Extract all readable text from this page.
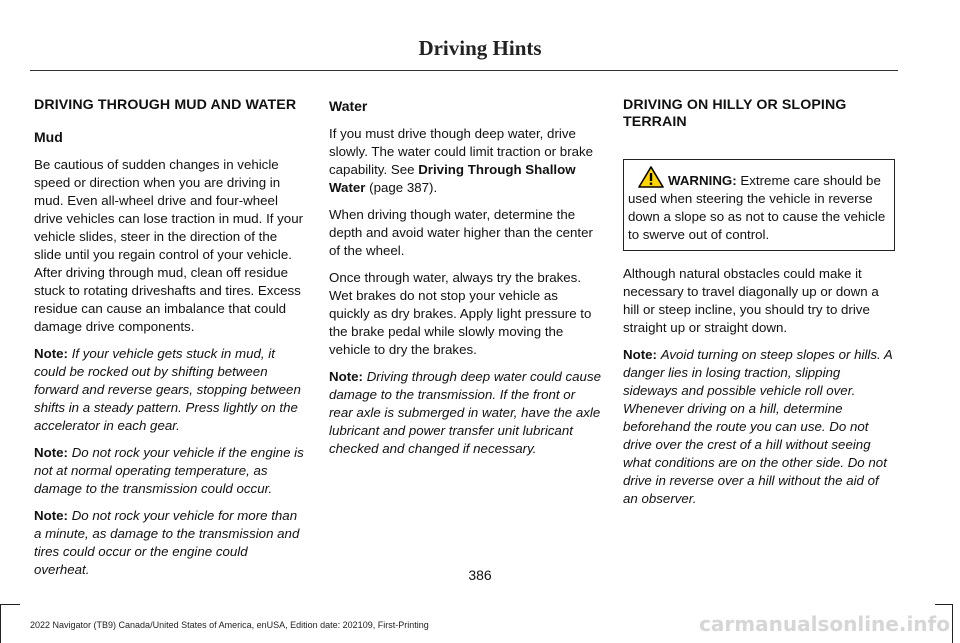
Driving Hints
DRIVING THROUGH MUD AND WATER
Mud

Be cautious of sudden changes in vehicle speed or direction when you are driving in mud. Even all-wheel drive and four-wheel drive vehicles can lose traction in mud. If your vehicle slides, steer in the direction of the slide until you regain control of your vehicle. After driving through mud, clean off residue stuck to rotating driveshafts and tires. Excess residue can cause an imbalance that could damage drive components.

Note: If your vehicle gets stuck in mud, it could be rocked out by shifting between forward and reverse gears, stopping between shifts in a steady pattern. Press lightly on the accelerator in each gear.

Note: Do not rock your vehicle if the engine is not at normal operating temperature, as damage to the transmission could occur.

Note: Do not rock your vehicle for more than a minute, as damage to the transmission and tires could occur or the engine could overheat.

Water

If you must drive though deep water, drive slowly. The water could limit traction or brake capability. See Driving Through Shallow Water (page 387).

When driving though water, determine the depth and avoid water higher than the center of the wheel.

Once through water, always try the brakes. Wet brakes do not stop your vehicle as quickly as dry brakes. Apply light pressure to the brake pedal while slowly moving the vehicle to dry the brakes.

Note: Driving through deep water could cause damage to the transmission. If the front or rear axle is submerged in water, have the axle lubricant and power transfer unit lubricant checked and changed if necessary.

DRIVING ON HILLY OR SLOPING TERRAIN
WARNING: Extreme care should be used when steering the vehicle in reverse down a slope so as not to cause the vehicle to swerve out of control.

Although natural obstacles could make it necessary to travel diagonally up or down a hill or steep incline, you should try to drive straight up or straight down.

Note: Avoid turning on steep slopes or hills. A danger lies in losing traction, slipping sideways and possible vehicle roll over. Whenever driving on a hill, determine beforehand the route you can use. Do not drive over the crest of a hill without seeing what conditions are on the other side. Do not drive in reverse over a hill without the aid of an observer.

386
2022 Navigator (TB9) Canada/United States of America, enUSA, Edition date: 202109, First-Printing	carmanualsonline.info
